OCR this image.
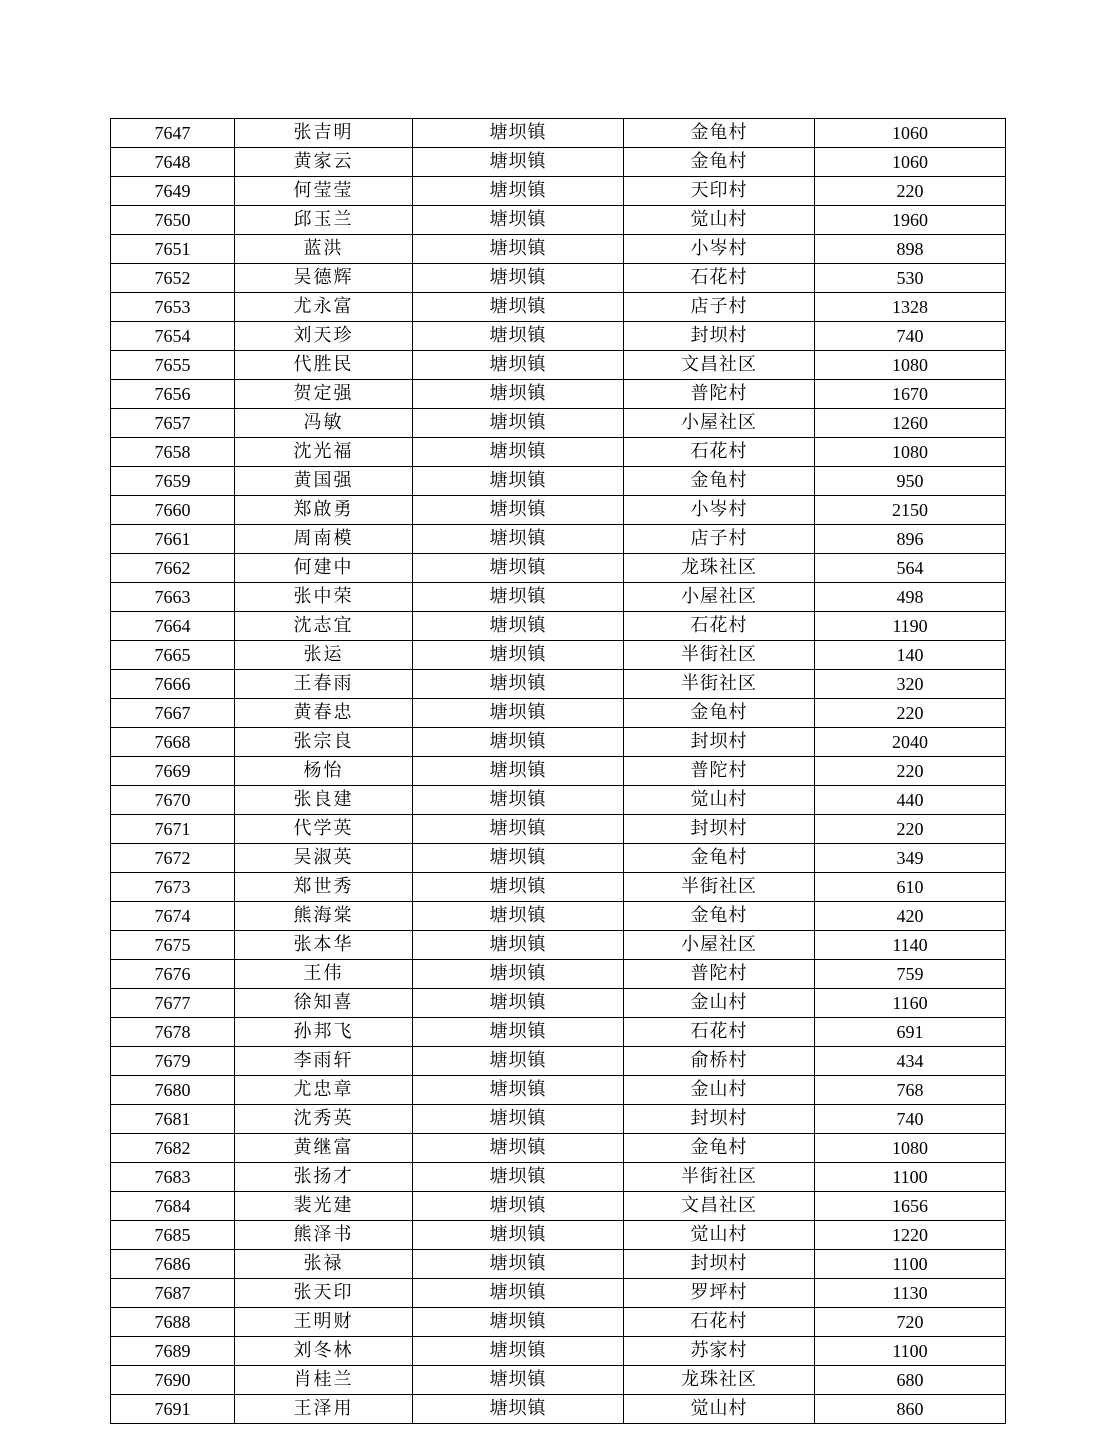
7647	张吉明	塘坝镇	金龟村	1060
7648	黄家云	塘坝镇	金龟村	1060
7649	何莹莹	塘坝镇	天印村	220
7650	邱玉兰	塘坝镇	觉山村	1960
7651	蓝洪	塘坝镇	小岑村	898
7652	吴德辉	塘坝镇	石花村	530
7653	尤永富	塘坝镇	店子村	1328
7654	刘天珍	塘坝镇	封坝村	740
7655	代胜民	塘坝镇	文昌社区	1080
7656	贺定强	塘坝镇	普陀村	1670
7657	冯敏	塘坝镇	小屋社区	1260
7658	沈光福	塘坝镇	石花村	1080
7659	黄国强	塘坝镇	金龟村	950
7660	郑啟勇	塘坝镇	小岑村	2150
7661	周南模	塘坝镇	店子村	896
7662	何建中	塘坝镇	龙珠社区	564
7663	张中荣	塘坝镇	小屋社区	498
7664	沈志宜	塘坝镇	石花村	1190
7665	张运	塘坝镇	半街社区	140
7666	王春雨	塘坝镇	半街社区	320
7667	黄春忠	塘坝镇	金龟村	220
7668	张宗良	塘坝镇	封坝村	2040
7669	杨怡	塘坝镇	普陀村	220
7670	张良建	塘坝镇	觉山村	440
7671	代学英	塘坝镇	封坝村	220
7672	吴淑英	塘坝镇	金龟村	349
7673	郑世秀	塘坝镇	半街社区	610
7674	熊海棠	塘坝镇	金龟村	420
7675	张本华	塘坝镇	小屋社区	1140
7676	王伟	塘坝镇	普陀村	759
7677	徐知喜	塘坝镇	金山村	1160
7678	孙邦飞	塘坝镇	石花村	691
7679	李雨轩	塘坝镇	俞桥村	434
7680	尤忠章	塘坝镇	金山村	768
7681	沈秀英	塘坝镇	封坝村	740
7682	黄继富	塘坝镇	金龟村	1080
7683	张扬才	塘坝镇	半街社区	1100
7684	裴光建	塘坝镇	文昌社区	1656
7685	熊泽书	塘坝镇	觉山村	1220
7686	张禄	塘坝镇	封坝村	1100
7687	张天印	塘坝镇	罗坪村	1130
7688	王明财	塘坝镇	石花村	720
7689	刘冬林	塘坝镇	苏家村	1100
7690	肖桂兰	塘坝镇	龙珠社区	680
7691	王泽用	塘坝镇	觉山村	860
